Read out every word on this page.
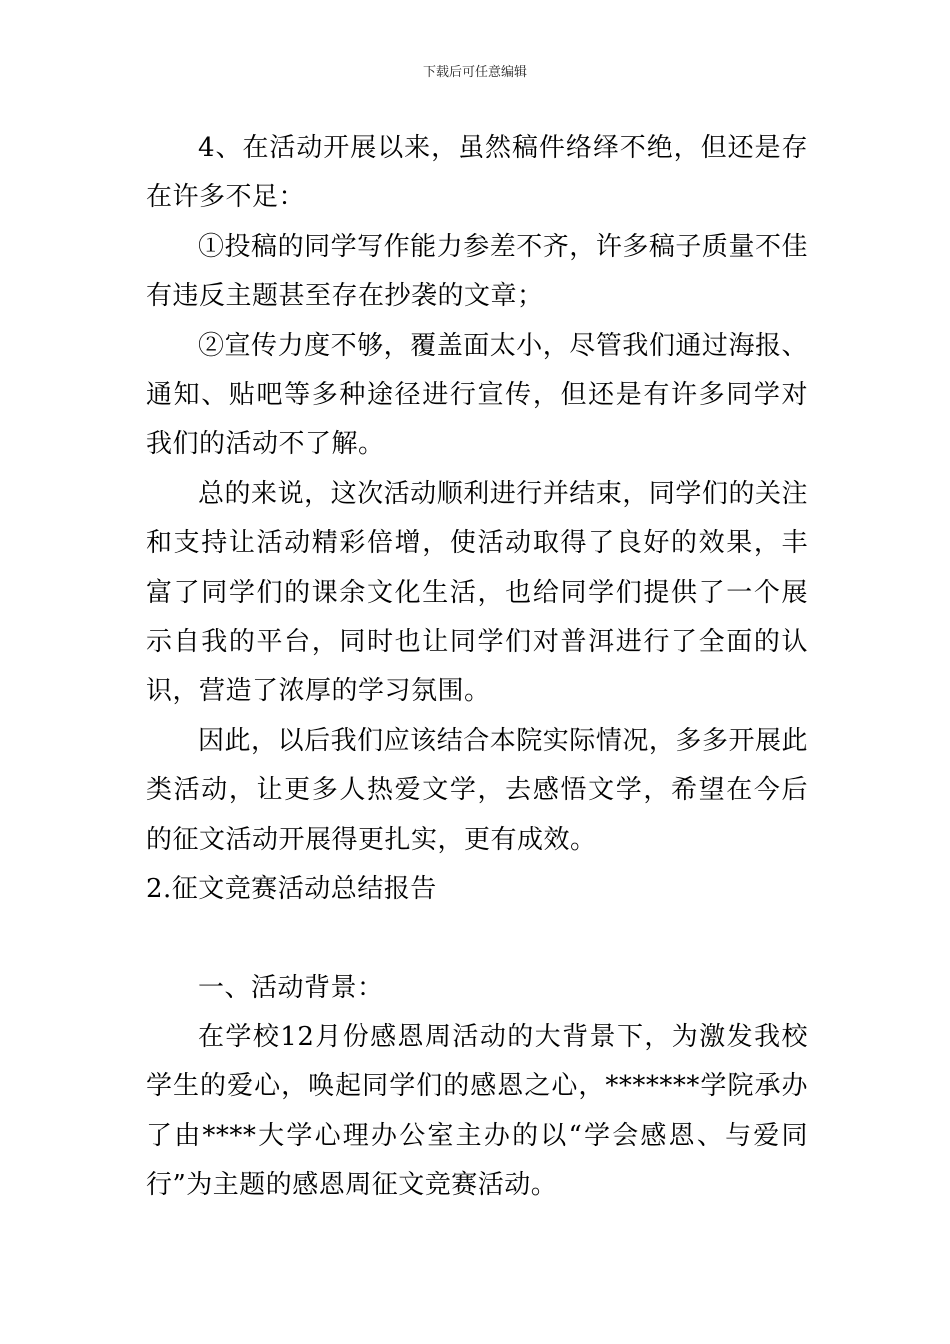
下载后可任意编辑

4、在活动开展以来，虽然稿件络绎不绝，但还是存在许多不足：

①投稿的同学写作能力参差不齐，许多稿子质量不佳有违反主题甚至存在抄袭的文章；

②宣传力度不够，覆盖面太小，尽管我们通过海报、通知、贴吧等多种途径进行宣传，但还是有许多同学对我们的活动不了解。

总的来说，这次活动顺利进行并结束，同学们的关注和支持让活动精彩倍增，使活动取得了良好的效果，丰富了同学们的课余文化生活，也给同学们提供了一个展示自我的平台，同时也让同学们对普洱进行了全面的认识，营造了浓厚的学习氛围。

因此，以后我们应该结合本院实际情况，多多开展此类活动，让更多人热爱文学，去感悟文学，希望在今后的征文活动开展得更扎实，更有成效。

2.征文竞赛活动总结报告

一、活动背景：

在学校12月份感恩周活动的大背景下，为激发我校学生的爱心，唤起同学们的感恩之心，*******学院承办了由****大学心理办公室主办的以“学会感恩、与爱同行”为主题的感恩周征文竞赛活动。
